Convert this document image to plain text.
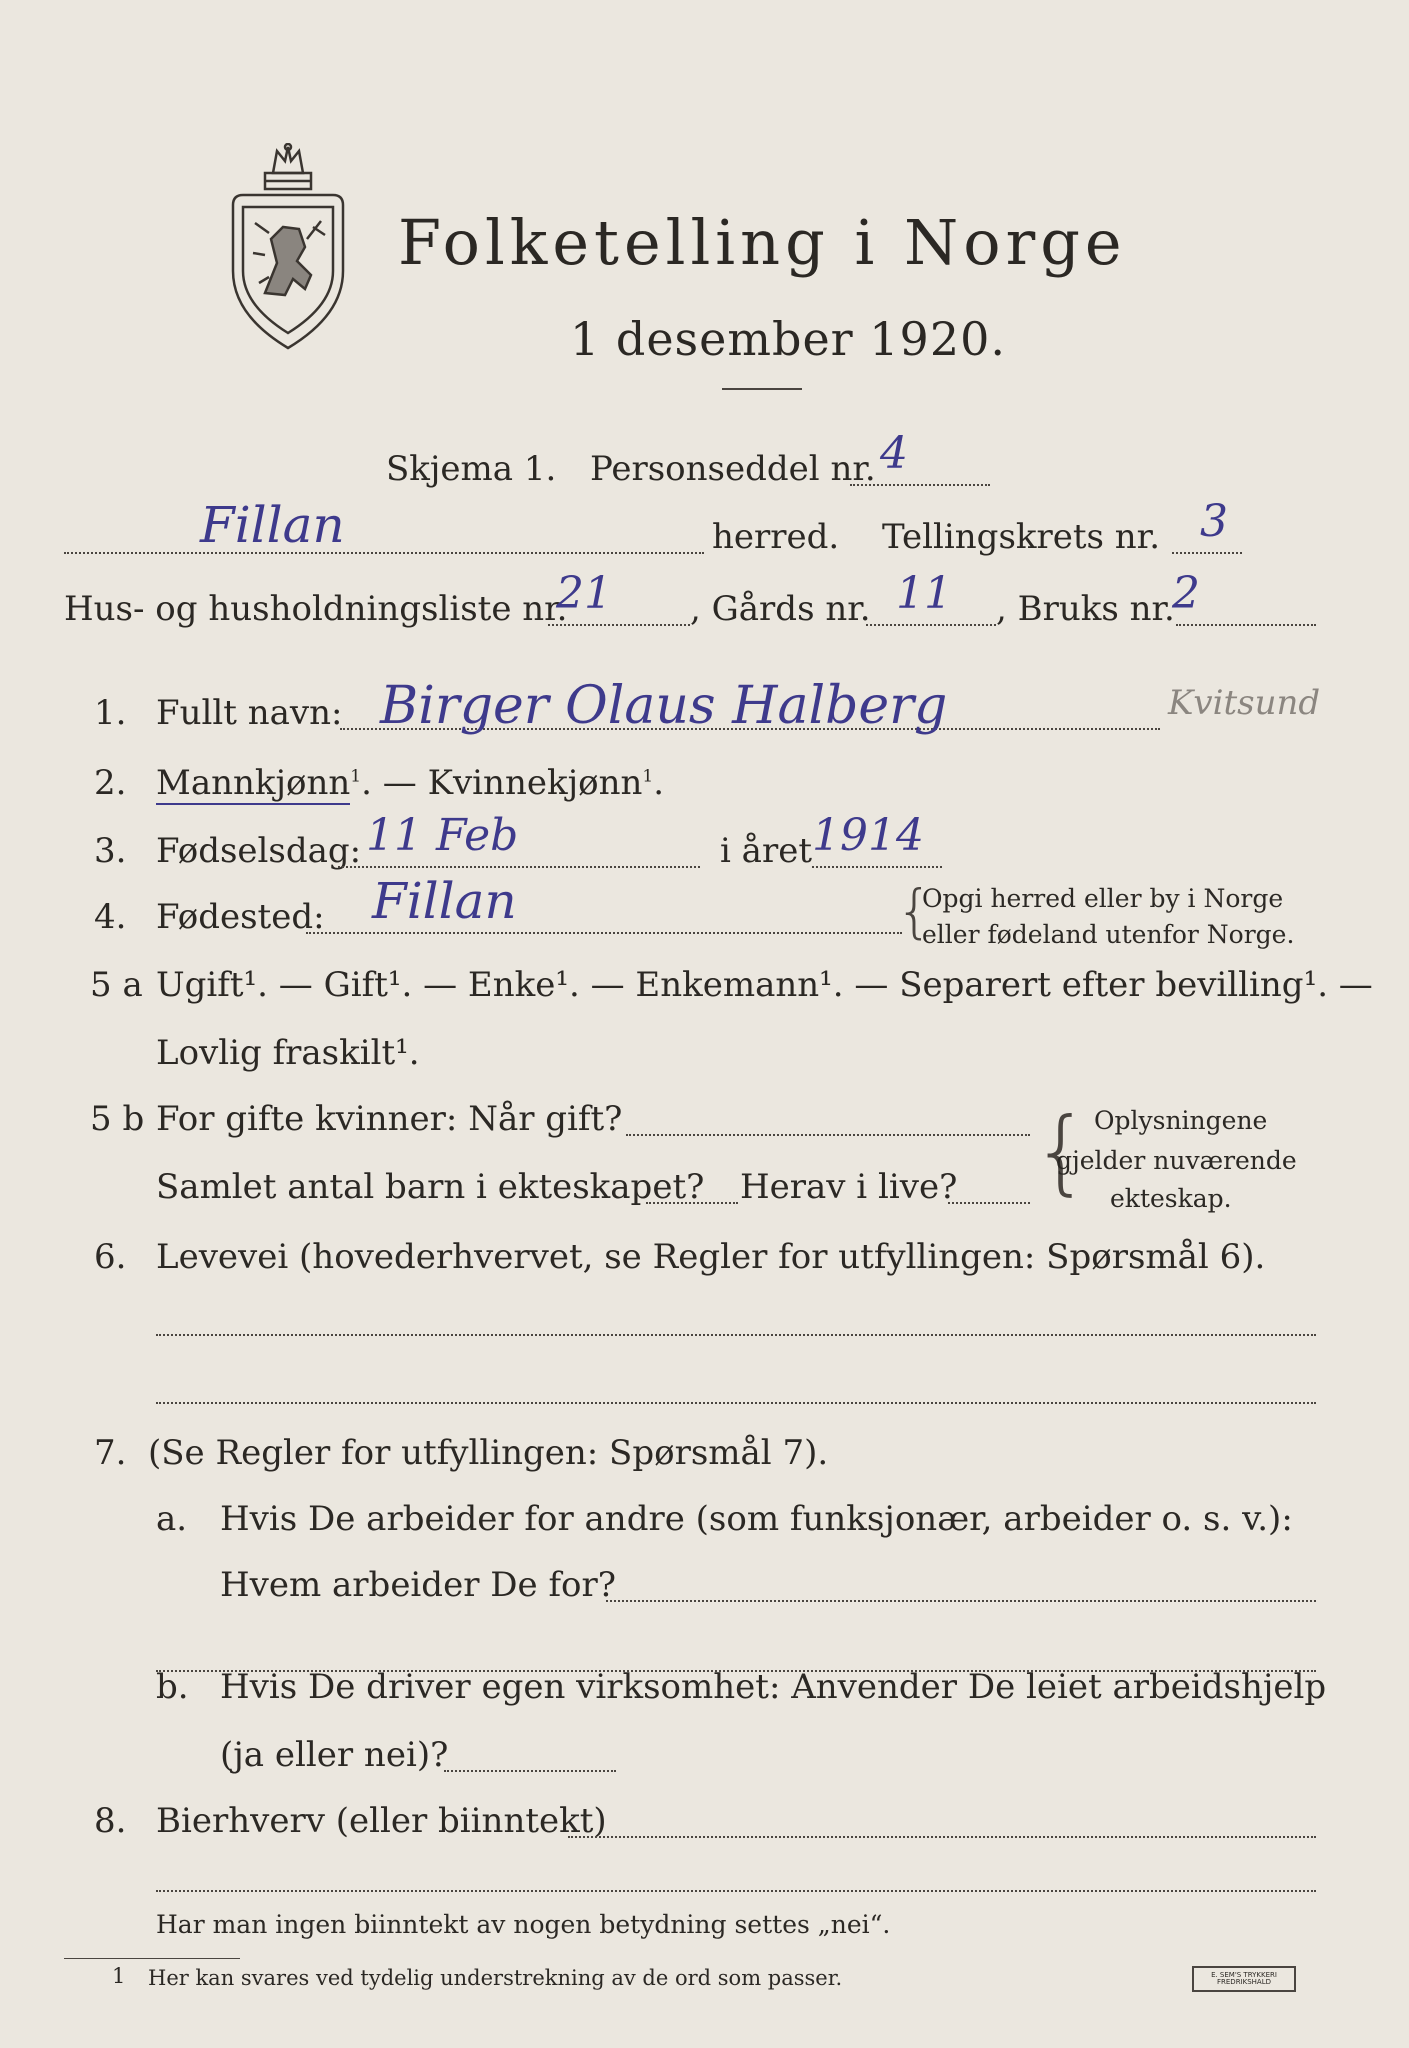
Folketelling i Norge
1 desember 1920.
Skjema 1. Personseddel nr. 4
Fillan	herred. Tellingskrets nr. 3
Hus- og husholdningsliste nr.
21 , Gårds nr. 11 , Bruks nr.
2
1. Fullt navn: Birger Olaus Halberg	Kvitsund
2. Mannkjønn$^1$. — Kvinnekjønn$^1$.
3. Fødselsdag: 11 Feb	i året 1914
4. Fødested: Fillan	{
Opgi herred eller by i Norge
eller fødeland utenfor Norge.
5 a Ugift¹. — Gift¹. — Enke¹. — Enkemann¹. — Separert efter bevilling¹. —
Lovlig fraskilt¹.
5 b For gifte kvinner: Når gift?
Samlet antal barn i ekteskapet? Herav i live? { Oplysningene
gjelder nuværende
ekteskap.
6. Levevei (hovederhvervet, se Regler for utfyllingen: Spørsmål 6).
7. (Se Regler for utfyllingen: Spørsmål 7).
a. Hvis De arbeider for andre (som funksjonær, arbeider o. s. v.):
Hvem arbeider De for?
b. Hvis De driver egen virksomhet: Anvender De leiet arbeidshjelp
(ja eller nei)?
8. Bierhverv (eller biinntekt)
Har man ingen biinntekt av nogen betydning settes „nei“.
1 Her kan svares ved tydelig understrekning av de ord som passer.	E. SEM'S TRYKKERI
FREDRIKSHALD
